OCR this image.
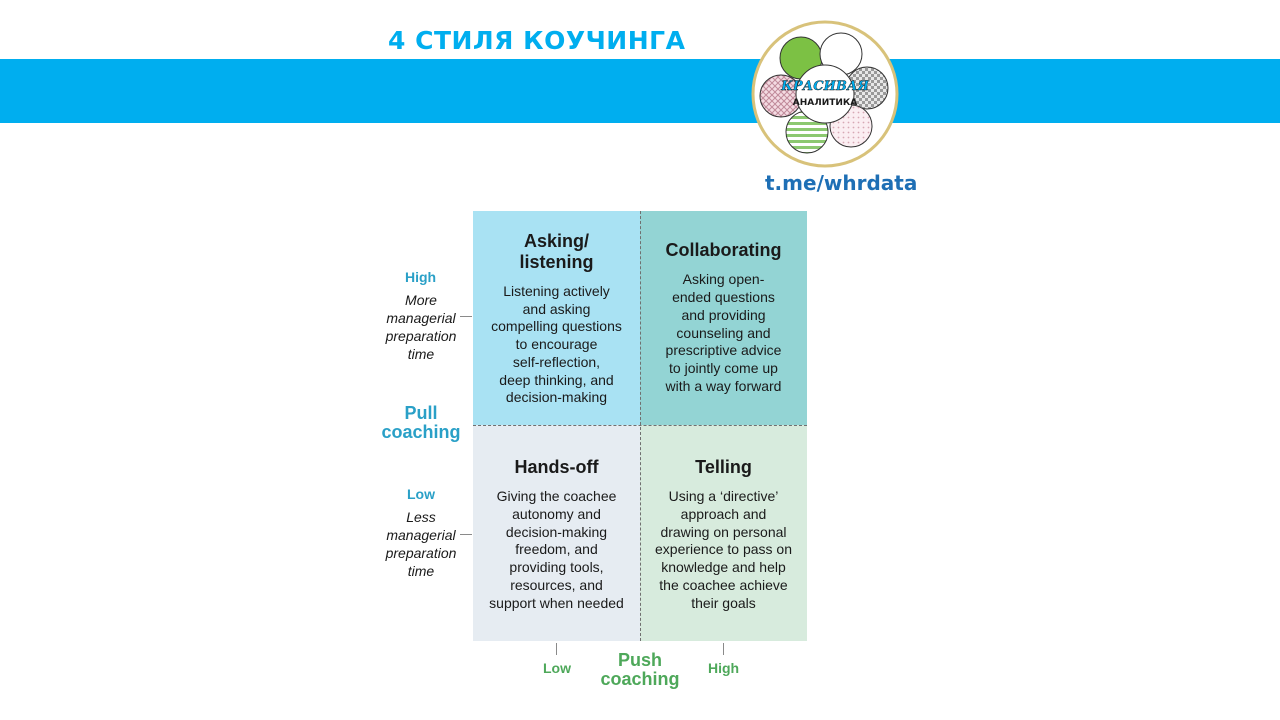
4 СТИЛЯ КОУЧИНГА
КРАСИВАЯ
АНАЛИТИКА
t.me/whrdata
Asking/
listening
Listening actively
and asking
compelling questions
to encourage
self-reflection,
deep thinking, and
decision-making
Collaborating
Asking open-
ended questions
and providing
counseling and
prescriptive advice
to jointly come up
with a way forward
Hands-off
Giving the coachee
autonomy and
decision-making
freedom, and
providing tools,
resources, and
support when needed
Telling
Using a ‘directive’
approach and
drawing on personal
experience to pass on
knowledge and help
the coachee achieve
their goals
High
More
managerial
preparation
time
Pull
coaching
Low
Less
managerial
preparation
time
Low	High
Push
coaching
